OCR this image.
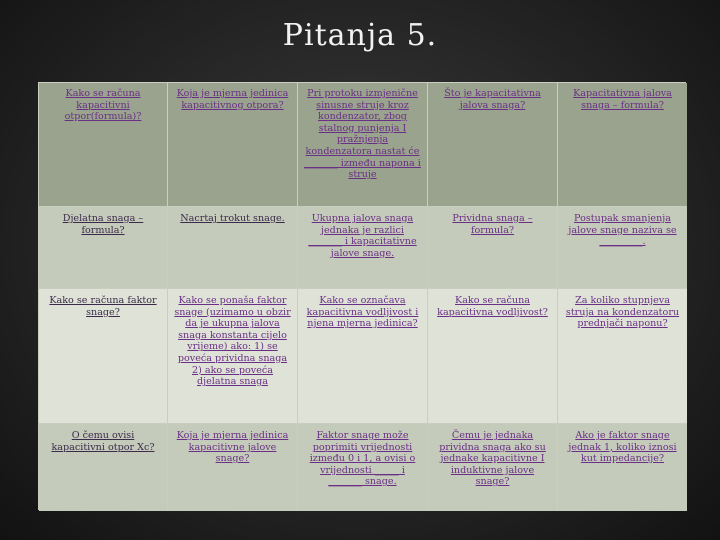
Pitanja 5.
Kako se računa kapacitivni otpor(formula)?
Koja je mjerna jedinica kapacitivnog otpora?
Pri protoku izmjenične sinusne struje kroz kondenzator, zbog stalnog punjenja I pražnjenja kondenzatora nastat će _______ između napona i struje
Što je kapacitativna jalova snaga?
Kapacitativna jalova snaga – formula?
Djelatna snaga – formula?
Nacrtaj trokut snage.	Ukupna jalova snaga jednaka je razlici _______ i kapacitativne jalove snage.
Prividna snaga – formula?
Postupak smanjenja jalove snage naziva se _________.
Kako se računa faktor snage?
Kako se ponaša faktor snage (uzimamo u obzir da je ukupna jalova snaga konstanta cijelo vrijeme) ako: 1) se poveća prividna snaga 2) ako se poveća djelatna snaga
Kako se označava kapacitivna vodljivost i njena mjerna jedinica?
Kako se računa kapacitivna vodljivost?
Za koliko stupnjeva struja na kondenzatoru prednjači naponu?
O čemu ovisi kapacitivni otpor Xc?
Koja je mjerna jedinica kapacitivne jalove snage?
Faktor snage može poprimiti vrijednosti između 0 i 1, a ovisi o vrijednosti _____ i _______ snage.
Čemu je jednaka prividna snaga ako su jednake kapacitivne I induktivne jalove snage?
Ako je faktor snage jednak 1, koliko iznosi kut impedancije?
